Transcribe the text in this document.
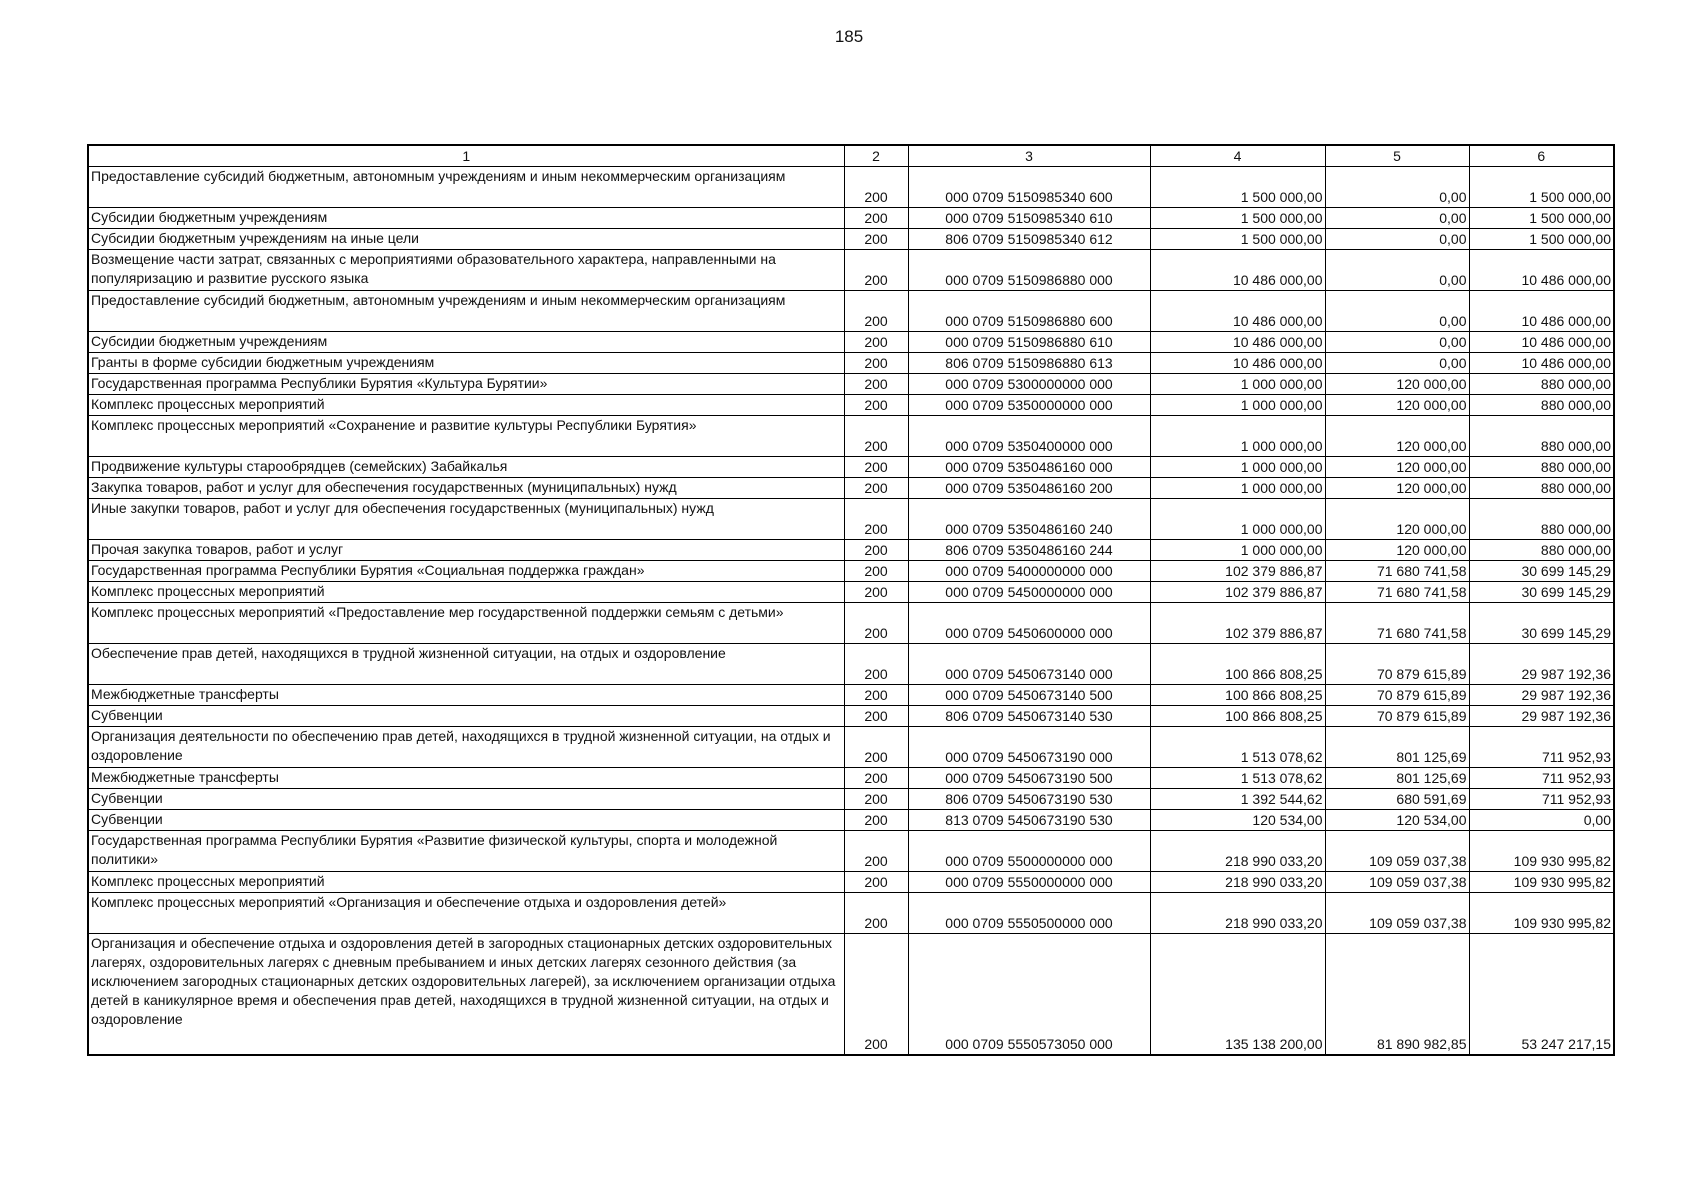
185
1	2	3	4	5	6
Предоставление субсидий бюджетным, автономным учреждениям и иным некоммерческим организациям	200	000 0709 5150985340 600	1 500 000,00	0,00	1 500 000,00
Субсидии бюджетным учреждениям	200	000 0709 5150985340 610	1 500 000,00	0,00	1 500 000,00
Субсидии бюджетным учреждениям на иные цели	200	806 0709 5150985340 612	1 500 000,00	0,00	1 500 000,00
Возмещение части затрат, связанных с мероприятиями образовательного характера, направленными на популяризацию и развитие русского языка	200	000 0709 5150986880 000	10 486 000,00	0,00	10 486 000,00
Предоставление субсидий бюджетным, автономным учреждениям и иным некоммерческим организациям	200	000 0709 5150986880 600	10 486 000,00	0,00	10 486 000,00
Субсидии бюджетным учреждениям	200	000 0709 5150986880 610	10 486 000,00	0,00	10 486 000,00
Гранты в форме субсидии бюджетным учреждениям	200	806 0709 5150986880 613	10 486 000,00	0,00	10 486 000,00
Государственная программа Республики Бурятия «Культура Бурятии»	200	000 0709 5300000000 000	1 000 000,00	120 000,00	880 000,00
Комплекс процессных мероприятий	200	000 0709 5350000000 000	1 000 000,00	120 000,00	880 000,00
Комплекс процессных мероприятий «Сохранение и развитие культуры Республики Бурятия»	200	000 0709 5350400000 000	1 000 000,00	120 000,00	880 000,00
Продвижение культуры старообрядцев (семейских) Забайкалья	200	000 0709 5350486160 000	1 000 000,00	120 000,00	880 000,00
Закупка товаров, работ и услуг для обеспечения государственных (муниципальных) нужд	200	000 0709 5350486160 200	1 000 000,00	120 000,00	880 000,00
Иные закупки товаров, работ и услуг для обеспечения государственных (муниципальных) нужд	200	000 0709 5350486160 240	1 000 000,00	120 000,00	880 000,00
Прочая закупка товаров, работ и услуг	200	806 0709 5350486160 244	1 000 000,00	120 000,00	880 000,00
Государственная программа Республики Бурятия «Социальная поддержка граждан»	200	000 0709 5400000000 000	102 379 886,87	71 680 741,58	30 699 145,29
Комплекс процессных мероприятий	200	000 0709 5450000000 000	102 379 886,87	71 680 741,58	30 699 145,29
Комплекс процессных мероприятий «Предоставление мер государственной поддержки семьям с детьми»	200	000 0709 5450600000 000	102 379 886,87	71 680 741,58	30 699 145,29
Обеспечение прав детей, находящихся в трудной жизненной ситуации, на отдых и оздоровление	200	000 0709 5450673140 000	100 866 808,25	70 879 615,89	29 987 192,36
Межбюджетные трансферты	200	000 0709 5450673140 500	100 866 808,25	70 879 615,89	29 987 192,36
Субвенции	200	806 0709 5450673140 530	100 866 808,25	70 879 615,89	29 987 192,36
Организация деятельности по обеспечению прав детей, находящихся в трудной жизненной ситуации, на отдых и оздоровление	200	000 0709 5450673190 000	1 513 078,62	801 125,69	711 952,93
Межбюджетные трансферты	200	000 0709 5450673190 500	1 513 078,62	801 125,69	711 952,93
Субвенции	200	806 0709 5450673190 530	1 392 544,62	680 591,69	711 952,93
Субвенции	200	813 0709 5450673190 530	120 534,00	120 534,00	0,00
Государственная программа Республики Бурятия «Развитие физической культуры, спорта и молодежной политики»	200	000 0709 5500000000 000	218 990 033,20	109 059 037,38	109 930 995,82
Комплекс процессных мероприятий	200	000 0709 5550000000 000	218 990 033,20	109 059 037,38	109 930 995,82
Комплекс процессных мероприятий «Организация и обеспечение отдыха и оздоровления детей»	200	000 0709 5550500000 000	218 990 033,20	109 059 037,38	109 930 995,82
Организация и обеспечение отдыха и оздоровления детей в загородных стационарных детских оздоровительных лагерях, оздоровительных лагерях с дневным пребыванием и иных детских лагерях сезонного действия (за исключением загородных стационарных детских оздоровительных лагерей), за исключением организации отдыха детей в каникулярное время и обеспечения прав детей, находящихся в трудной жизненной ситуации, на отдых и оздоровление	200	000 0709 5550573050 000	135 138 200,00	81 890 982,85	53 247 217,15
